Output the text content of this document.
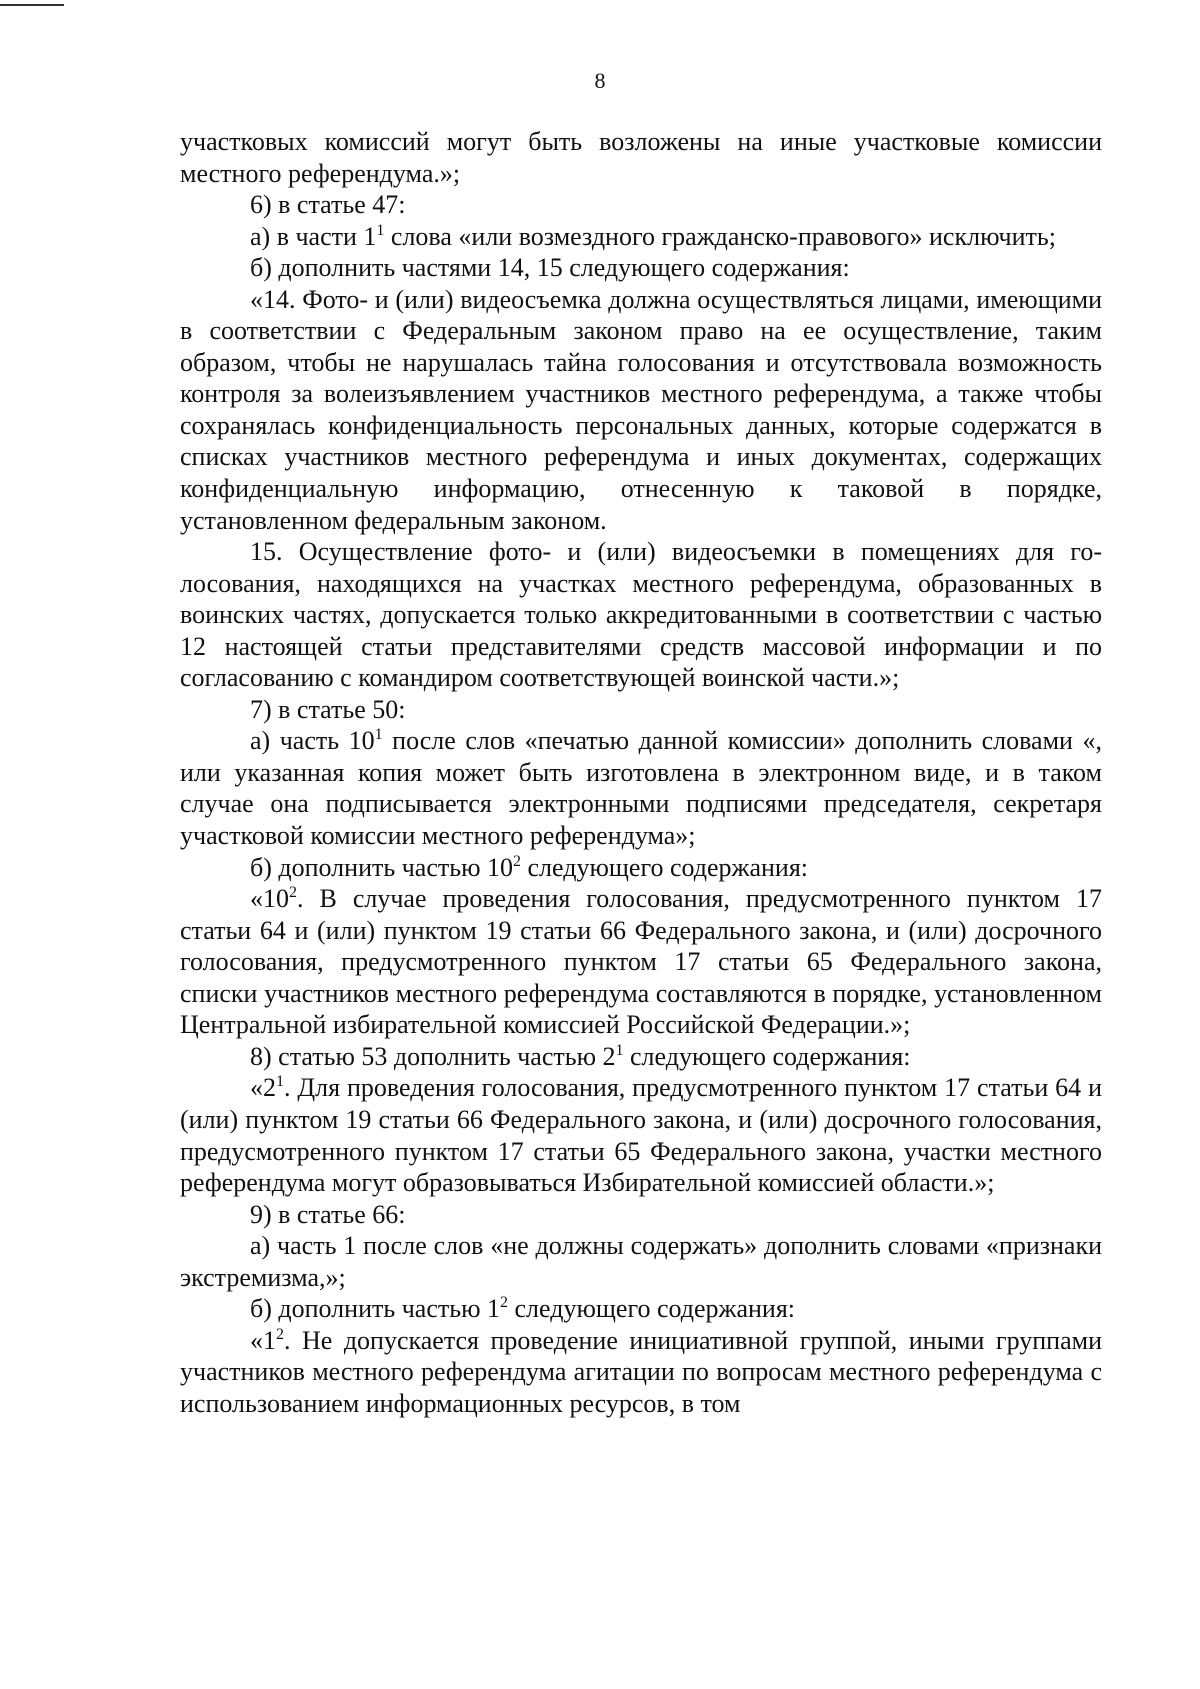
8

участковых комиссий могут быть возложены на иные участковые комиссии местного референдума.»;

6) в статье 47:

а) в части $1^1$ слова «или возмездного гражданско-правового» исключить;

б) дополнить частями 14, 15 следующего содержания:

«14. Фото- и (или) видеосъемка должна осуществляться лицами, имеющими в соответствии с Федеральным законом право на ее осуществление, таким образом, чтобы не нарушалась тайна голосования и отсутствовала возможность контроля за волеизъявлением участников местного референдума, а также чтобы сохранялась конфиденциальность персональных данных, которые содержатся в списках участников местного референдума и иных документах, содержащих конфиденциальную информацию, отнесенную к таковой в порядке, установленном федеральным законом.

15. Осуществление фото- и (или) видеосъемки в помещениях для голосования, находящихся на участках местного референдума, образованных в воинских частях, допускается только аккредитованными в соответствии с частью 12 настоящей статьи представителями средств массовой информации и по согласованию с командиром соответствующей воинской части.»;

7) в статье 50:

а) часть $10^1$ после слов «печатью данной комиссии» дополнить словами «, или указанная копия может быть изготовлена в электронном виде, и в таком случае она подписывается электронными подписями председателя, секретаря участковой комиссии местного референдума»;

б) дополнить частью $10^2$ следующего содержания:

«$10^2$. В случае проведения голосования, предусмотренного пунктом 17 статьи 64 и (или) пунктом 19 статьи 66 Федерального закона, и (или) досрочного голосования, предусмотренного пунктом 17 статьи 65 Федерального закона, списки участников местного референдума составляются в порядке, установленном Центральной избирательной комиссией Российской Федерации.»;

8) статью 53 дополнить частью $2^1$ следующего содержания:

«$2^1$. Для проведения голосования, предусмотренного пунктом 17 статьи 64 и (или) пунктом 19 статьи 66 Федерального закона, и (или) досрочного голосования, предусмотренного пунктом 17 статьи 65 Федерального закона, участки местного референдума могут образовываться Избирательной комиссией области.»;

9) в статье 66:

а) часть 1 после слов «не должны содержать» дополнить словами «признаки экстремизма,»;

б) дополнить частью $1^2$ следующего содержания:

«$1^2$. Не допускается проведение инициативной группой, иными группами участников местного референдума агитации по вопросам местного референдума с использованием информационных ресурсов, в том
